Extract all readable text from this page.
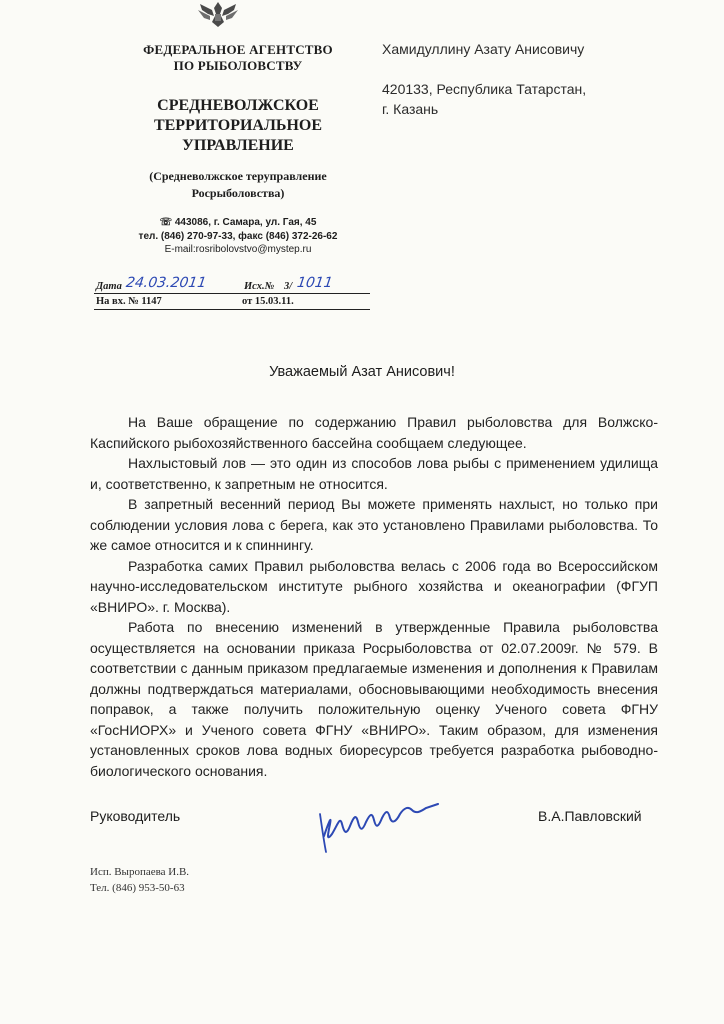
ФЕДЕРАЛЬНОЕ АГЕНТСТВО
ПО РЫБОЛОВСТВУ
СРЕДНЕВОЛЖСКОЕ
ТЕРРИТОРИАЛЬНОЕ
УПРАВЛЕНИЕ
(Средневолжское теруправление
Росрыболовства)
☏ 443086, г. Самара, ул. Гая, 45
тел. (846) 270-97-33, факс (846) 372-26-62
E-mail:rosribolovstvo@mystep.ru
Хамидуллину Азату Анисовичу
420133, Республика Татарстан,
г. Казань
Дата 24.03.2011	Исх.№ 3/ 1011
На вх. № 1147	от 15.03.11.
Уважаемый Азат Анисович!

На Ваше обращение по содержанию Правил рыболовства для Волжско-Каспийского рыбохозяйственного бассейна сообщаем следующее.

Нахлыстовый лов — это один из способов лова рыбы с применением удилища и, соответственно, к запретным не относится.

В запретный весенний период Вы можете применять нахлыст, но только при соблюдении условия лова с берега, как это установлено Правилами рыболовства. То же самое относится и к спиннингу.

Разработка самих Правил рыболовства велась с 2006 года во Всероссийском научно-исследовательском институте рыбного хозяйства и океанографии (ФГУП «ВНИРО». г. Москва).

Работа по внесению изменений в утвержденные Правила рыболовства осуществляется на основании приказа Росрыболовства от 02.07.2009г. № 579. В соответствии с данным приказом предлагаемые изменения и дополнения к Правилам должны подтверждаться материалами, обосновывающими необходимость внесения поправок, а также получить положительную оценку Ученого совета ФГНУ «ГосНИОРХ» и Ученого совета ФГНУ «ВНИРО». Таким образом, для изменения установленных сроков лова водных биоресурсов требуется разработка рыбоводно-биологического основания.

Руководитель	В.А.Павловский
Исп. Выропаева И.В.
Тел. (846) 953-50-63
